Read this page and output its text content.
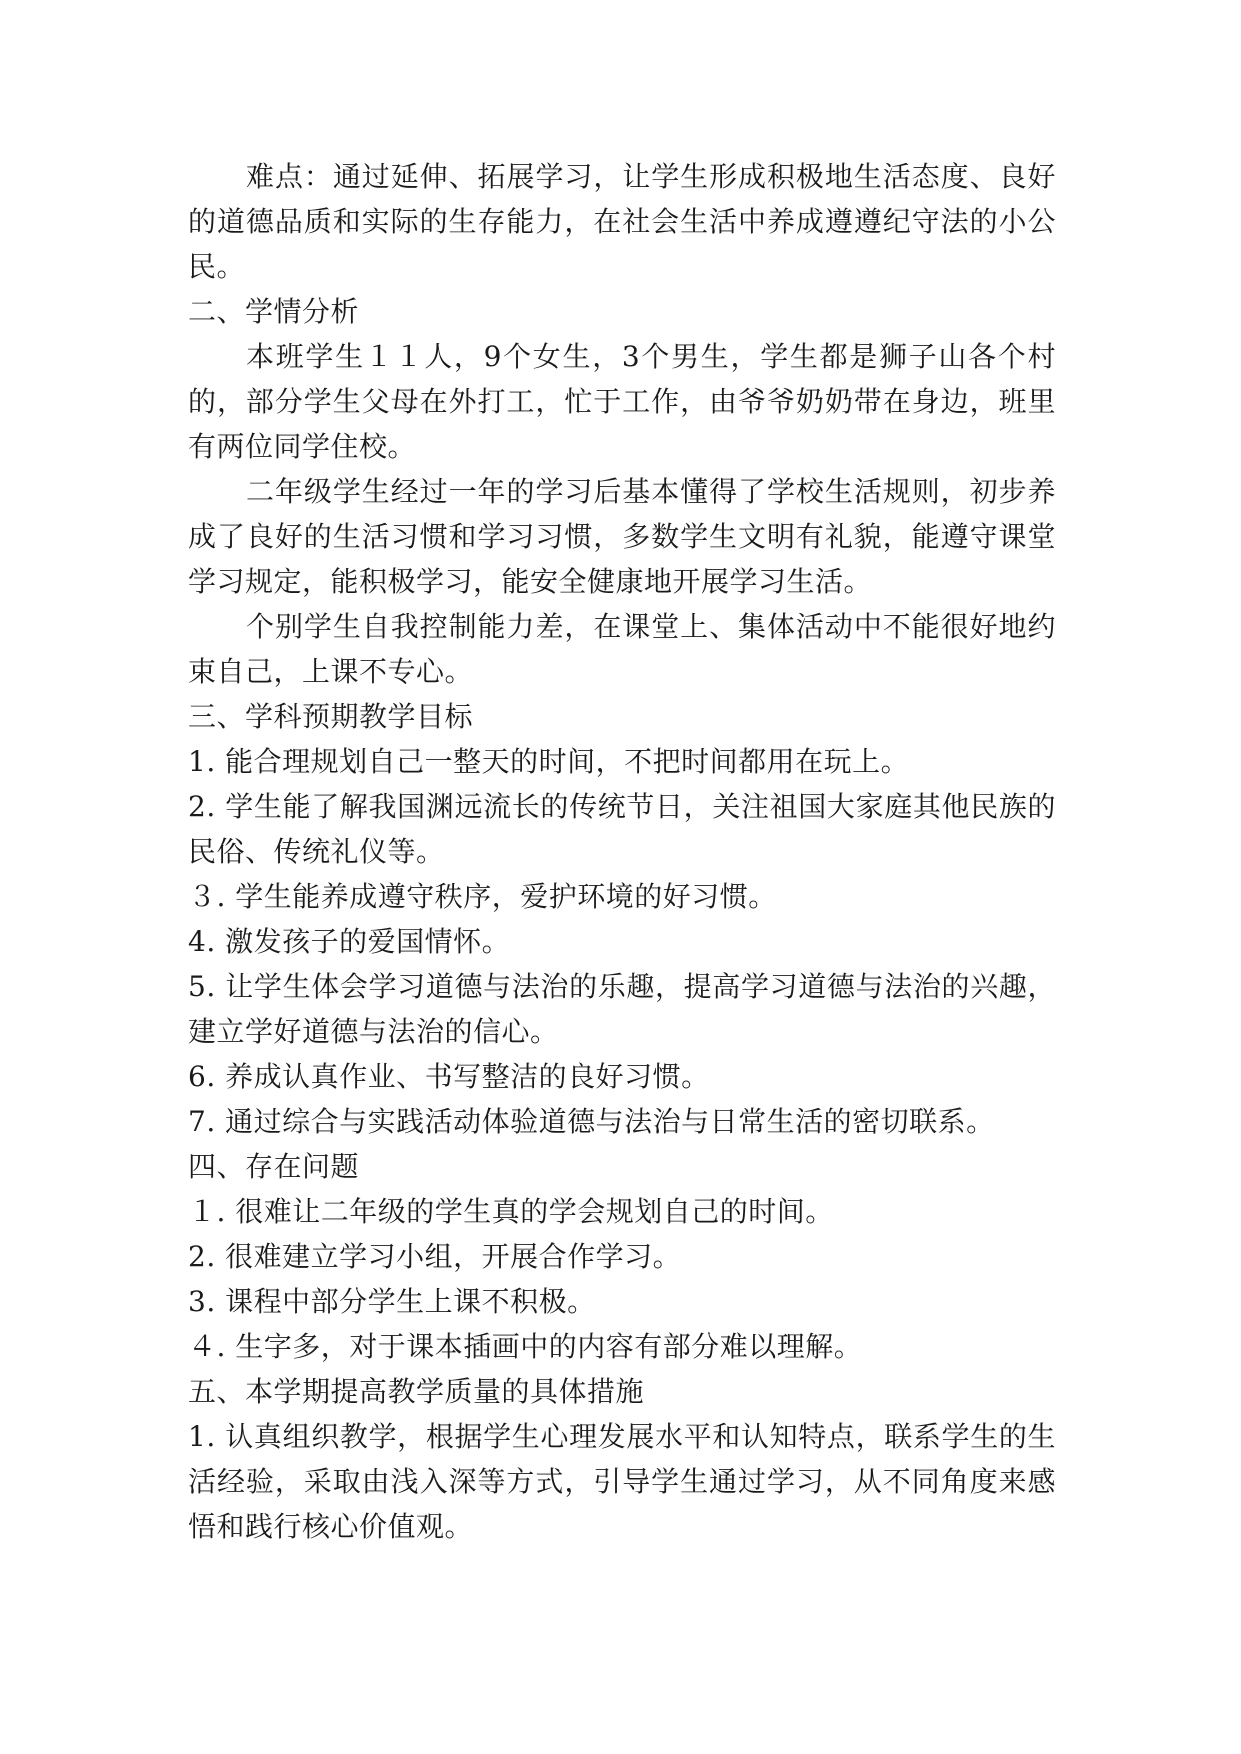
难点：通过延伸、拓展学习，让学生形成积极地生活态度、良好的道德品质和实际的生存能力，在社会生活中养成遵遵纪守法的小公民。

二、学情分析

本班学生１１人，9个女生，3个男生，学生都是狮子山各个村的，部分学生父母在外打工，忙于工作，由爷爷奶奶带在身边，班里有两位同学住校。

二年级学生经过一年的学习后基本懂得了学校生活规则，初步养成了良好的生活习惯和学习习惯，多数学生文明有礼貌，能遵守课堂学习规定，能积极学习，能安全健康地开展学习生活。

个别学生自我控制能力差，在课堂上、集体活动中不能很好地约束自己，上课不专心。

三、学科预期教学目标

1. 能合理规划自己一整天的时间，不把时间都用在玩上。

2. 学生能了解我国渊远流长的传统节日，关注祖国大家庭其他民族的民俗、传统礼仪等。

３. 学生能养成遵守秩序，爱护环境的好习惯。

4. 激发孩子的爱国情怀。

5. 让学生体会学习道德与法治的乐趣，提高学习道德与法治的兴趣，建立学好道德与法治的信心。

6. 养成认真作业、书写整洁的良好习惯。

7. 通过综合与实践活动体验道德与法治与日常生活的密切联系。

四、存在问题

１. 很难让二年级的学生真的学会规划自己的时间。

2. 很难建立学习小组，开展合作学习。

3. 课程中部分学生上课不积极。

４. 生字多，对于课本插画中的内容有部分难以理解。

五、本学期提高教学质量的具体措施

1. 认真组织教学，根据学生心理发展水平和认知特点，联系学生的生活经验，采取由浅入深等方式，引导学生通过学习，从不同角度来感悟和践行核心价值观。
